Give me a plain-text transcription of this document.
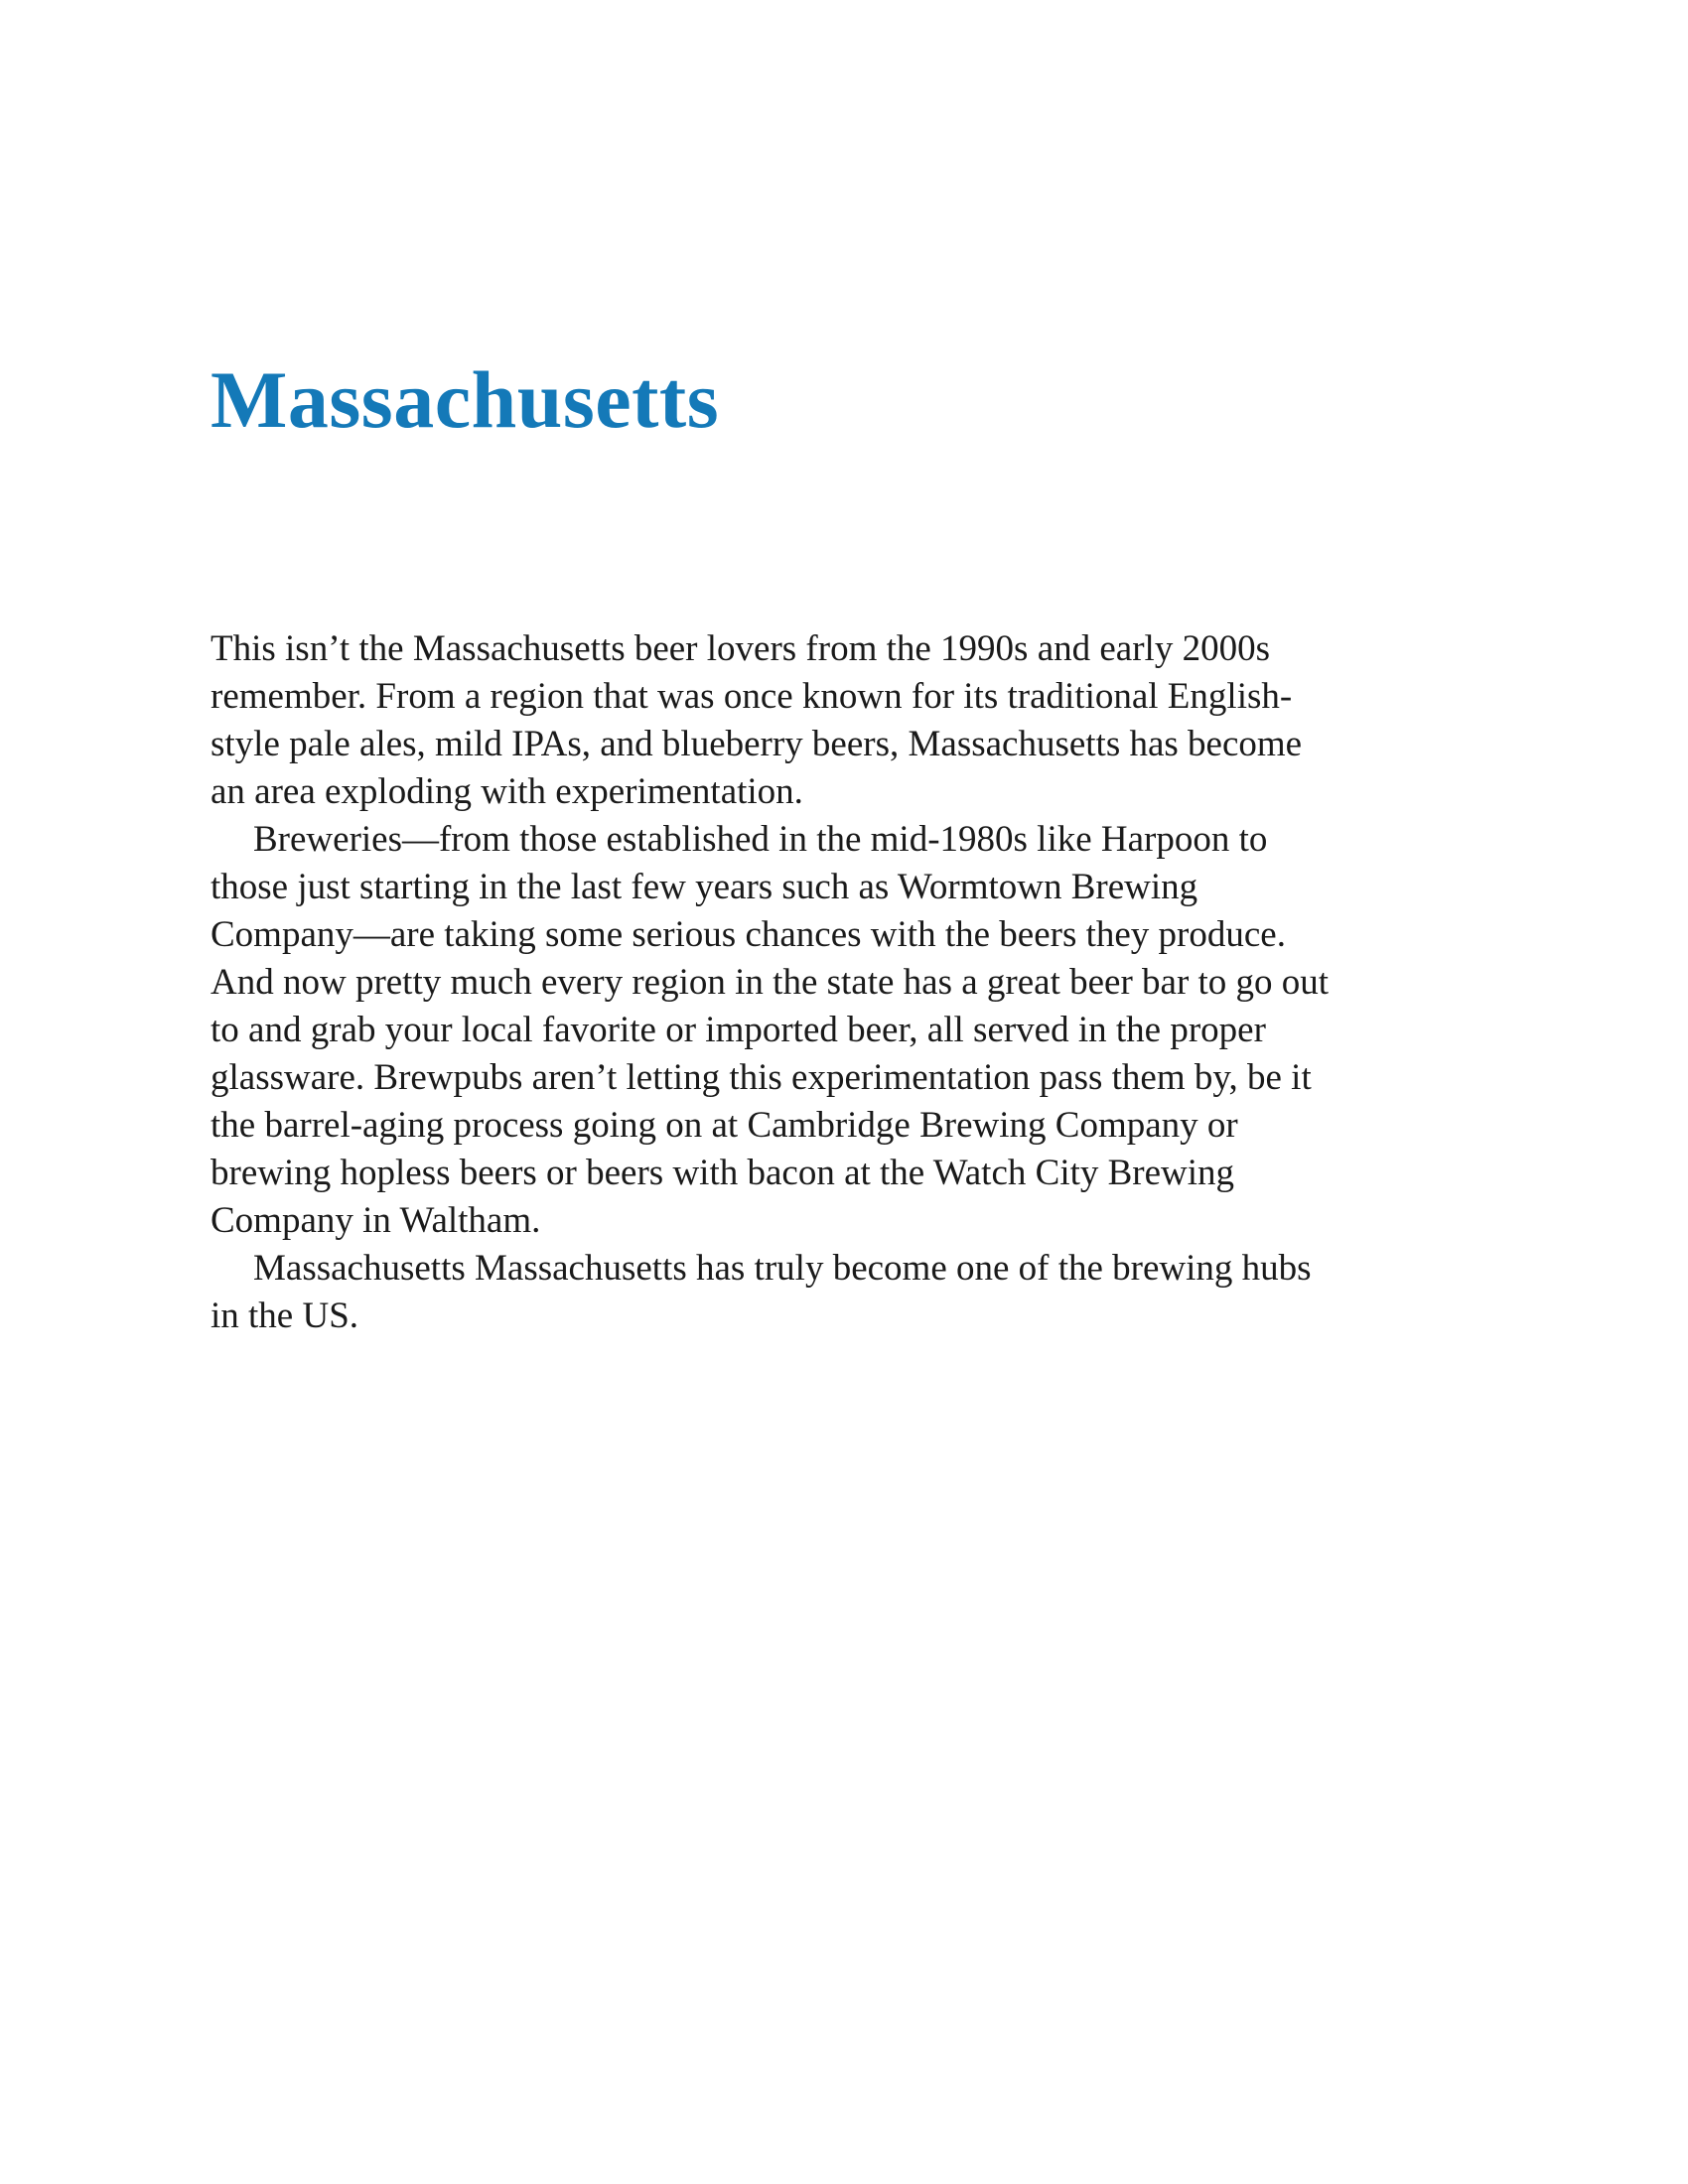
Massachusetts

This isn’t the Massachusetts beer lovers from the 1990s and early 2000s
remember. From a region that was once known for its traditional English-
style pale ales, mild IPAs, and blueberry beers, Massachusetts has become
an area exploding with experimentation.

Breweries—from those established in the mid-1980s like Harpoon to
those just starting in the last few years such as Wormtown Brewing
Company—are taking some serious chances with the beers they produce.
And now pretty much every region in the state has a great beer bar to go out
to and grab your local favorite or imported beer, all served in the proper
glassware. Brewpubs aren’t letting this experimentation pass them by, be it
the barrel-aging process going on at Cambridge Brewing Company or
brewing hopless beers or beers with bacon at the Watch City Brewing
Company in Waltham.

Massachusetts Massachusetts has truly become one of the brewing hubs
in the US.
